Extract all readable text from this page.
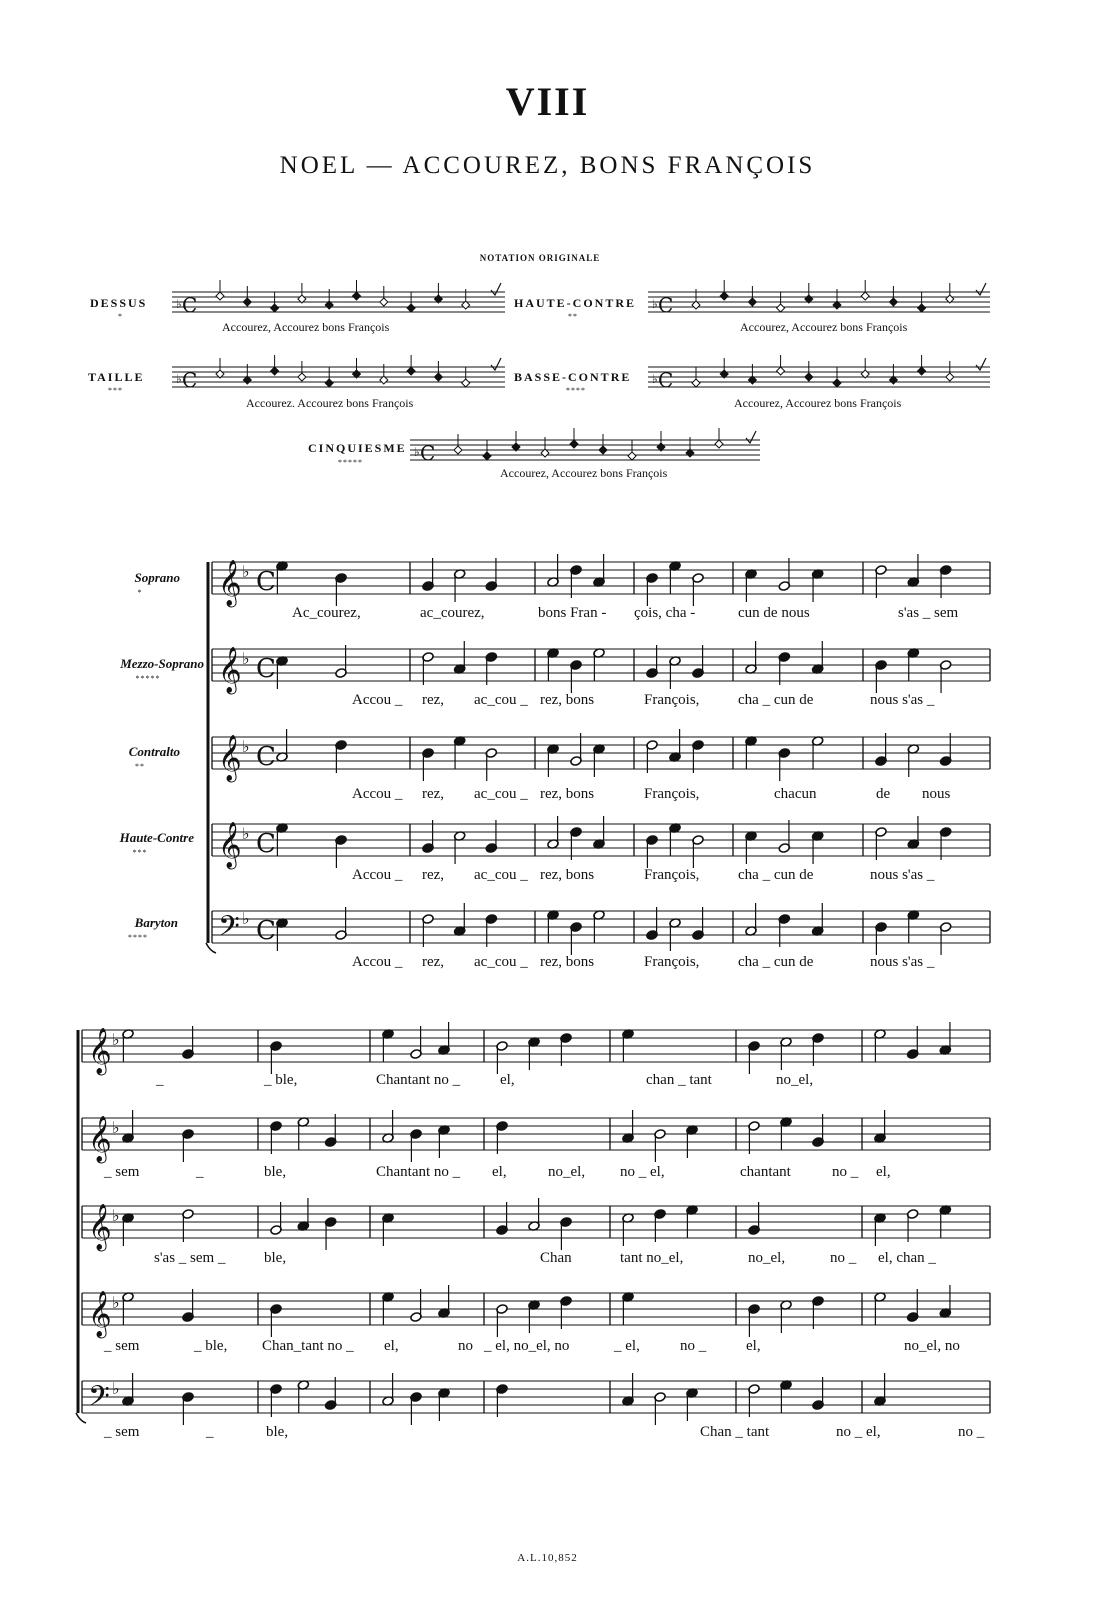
VIII
NOEL — ACCOUREZ, BONS FRANÇOIS
NOTATION ORIGINALE
DESSUS
*
Accourez, Accourez bons François
HAUTE-CONTRE
**
Accourez, Accourez bons François
TAILLE
***
Accourez. Accourez bons François
BASSE-CONTRE
****
Accourez, Accourez bons François
CINQUIESME
*****
Accourez, Accourez bons François
Soprano
*
Mezzo-Soprano
*****
Contralto
**
Haute-Contre
***
Baryton
****
Ac_courez,	ac_courez,	bons Fran - çois, cha -	cun de nous	s'as _ sem
Accou _ rez, ac_cou _ rez, bons	François,	cha _ cun de	nous s'as _
Accou _ rez, ac_cou _ rez, bons	François,	chacun	de nous
Accou _ rez, ac_cou _ rez, bons	François,	cha _ cun de	nous s'as _
Accou _ rez, ac_cou _ rez, bons	François,	cha _ cun de	nous s'as _
_	_ ble,	Chantant no _	el,	chan _ tant	no_el,
_ sem	_	ble,	Chantant no _ el,	no_el, no _ el,	chantant	no _ el,
s'as _ sem _	ble,	Chan	tant no_el,	no_el,	no _ el, chan _
_ sem	_ ble, Chan_tant no _ el,	no _ el, no_el, no	_ el,	no _	el,	no_el, no
_ sem	_	ble,	Chan _ tant	no _ el,	no _
A.L.10,852
C
♭	C
♭
C
♭	C
♭
C
♭
𝄞 ♭ C
𝄞 ♭ C
𝄞 ♭ C
𝄞 ♭ C
𝄢 ♭ C
𝄞 ♭
𝄞 ♭
𝄞 ♭
𝄞 ♭
𝄢 ♭
